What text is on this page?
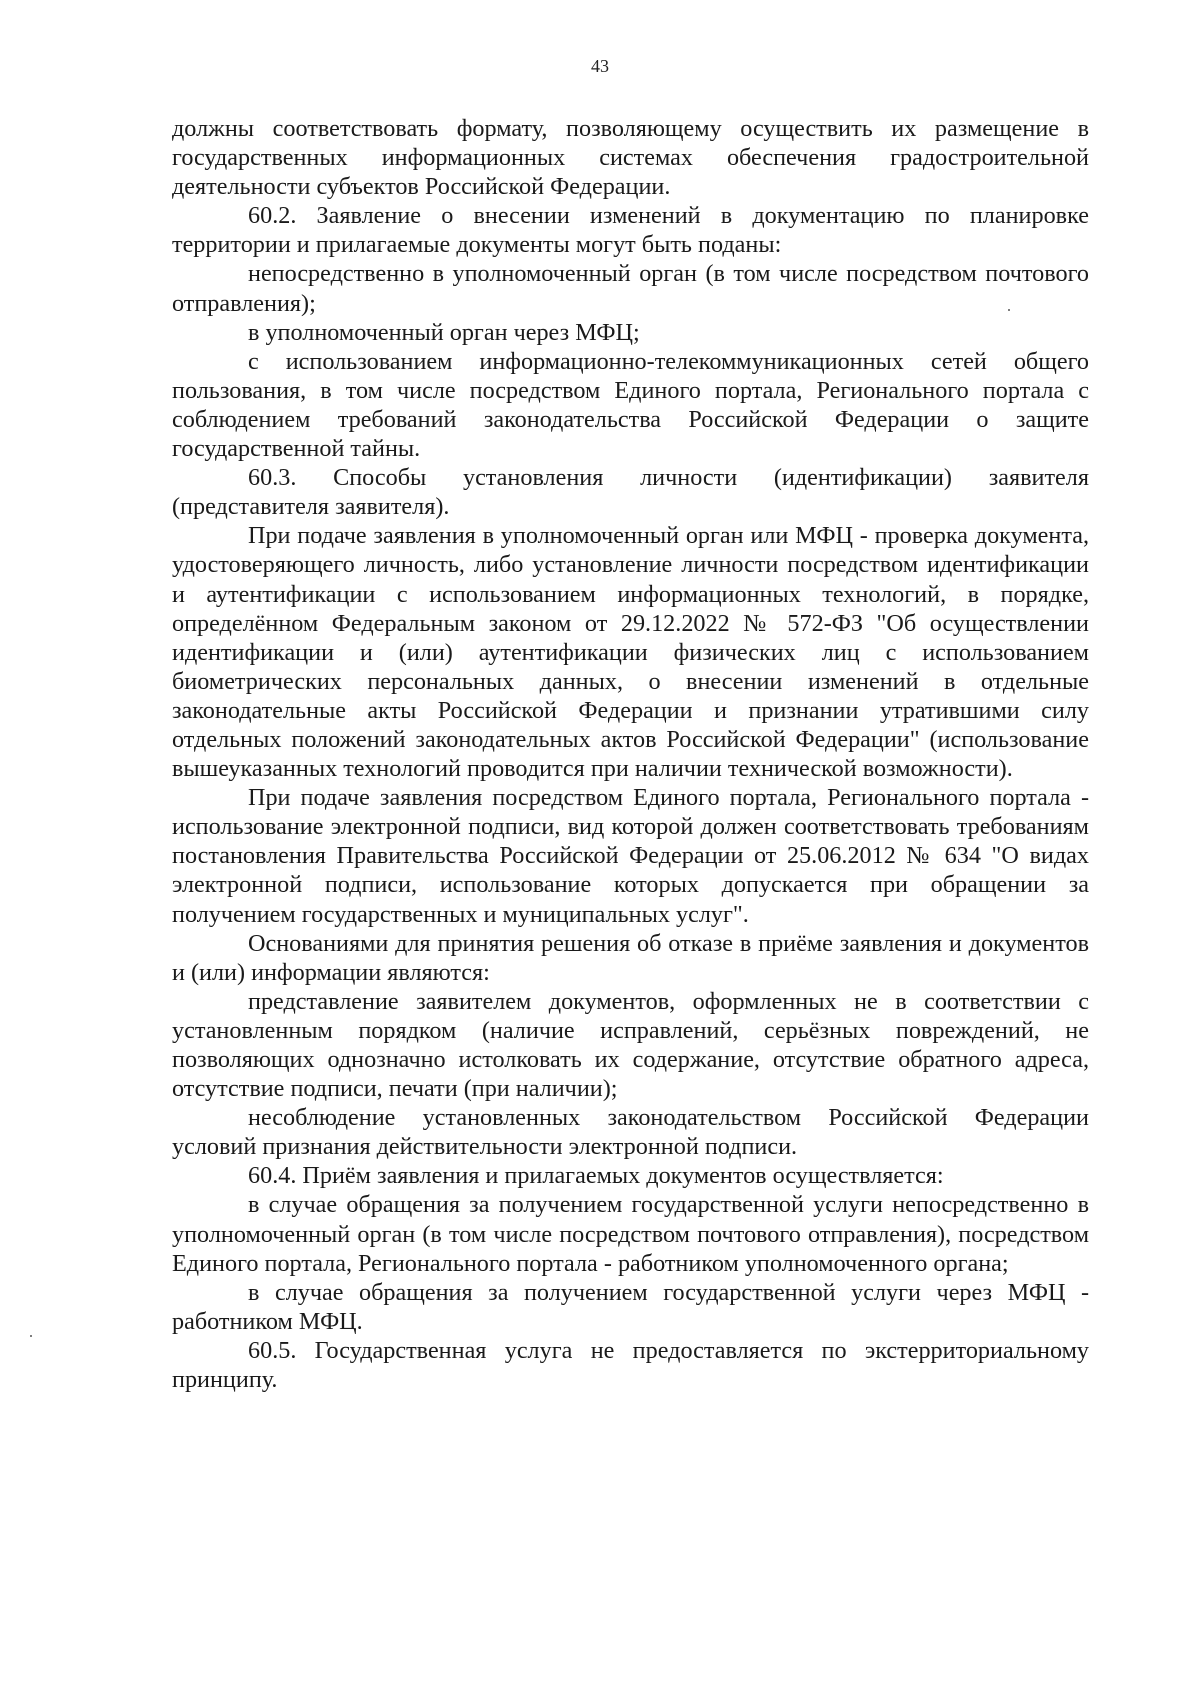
43

должны соответствовать формату, позволяющему осуществить их размещение в государственных информационных системах обеспечения градостроительной деятельности субъектов Российской Федерации.

60.2. Заявление о внесении изменений в документацию по планировке территории и прилагаемые документы могут быть поданы:

непосредственно в уполномоченный орган (в том числе посредством почтового отправления);

в уполномоченный орган через МФЦ;

с использованием информационно-телекоммуникационных сетей общего пользования, в том числе посредством Единого портала, Регионального портала с соблюдением требований законодательства Российской Федерации о защите государственной тайны.

60.3. Способы установления личности (идентификации) заявителя (представителя заявителя).

При подаче заявления в уполномоченный орган или МФЦ - проверка документа, удостоверяющего личность, либо установление личности посредством идентификации и аутентификации с использованием информационных технологий, в порядке, определённом Федеральным законом от 29.12.2022 № 572-ФЗ "Об осуществлении идентификации и (или) аутентификации физических лиц с использованием биометрических персональных данных, о внесении изменений в отдельные законодательные акты Российской Федерации и признании утратившими силу отдельных положений законодательных актов Российской Федерации" (использование вышеуказанных технологий проводится при наличии технической возможности).

При подаче заявления посредством Единого портала, Регионального портала - использование электронной подписи, вид которой должен соответствовать требованиям постановления Правительства Российской Федерации от 25.06.2012 № 634 "О видах электронной подписи, использование которых допускается при обращении за получением государственных и муниципальных услуг".

Основаниями для принятия решения об отказе в приёме заявления и документов и (или) информации являются:

представление заявителем документов, оформленных не в соответствии с установленным порядком (наличие исправлений, серьёзных повреждений, не позволяющих однозначно истолковать их содержание, отсутствие обратного адреса, отсутствие подписи, печати (при наличии);

несоблюдение установленных законодательством Российской Федерации условий признания действительности электронной подписи.

60.4. Приём заявления и прилагаемых документов осуществляется:

в случае обращения за получением государственной услуги непосредственно в уполномоченный орган (в том числе посредством почтового отправления), посредством Единого портала, Регионального портала - работником уполномоченного органа;

в случае обращения за получением государственной услуги через МФЦ - работником МФЦ.

60.5. Государственная услуга не предоставляется по экстерриториальному принципу.
